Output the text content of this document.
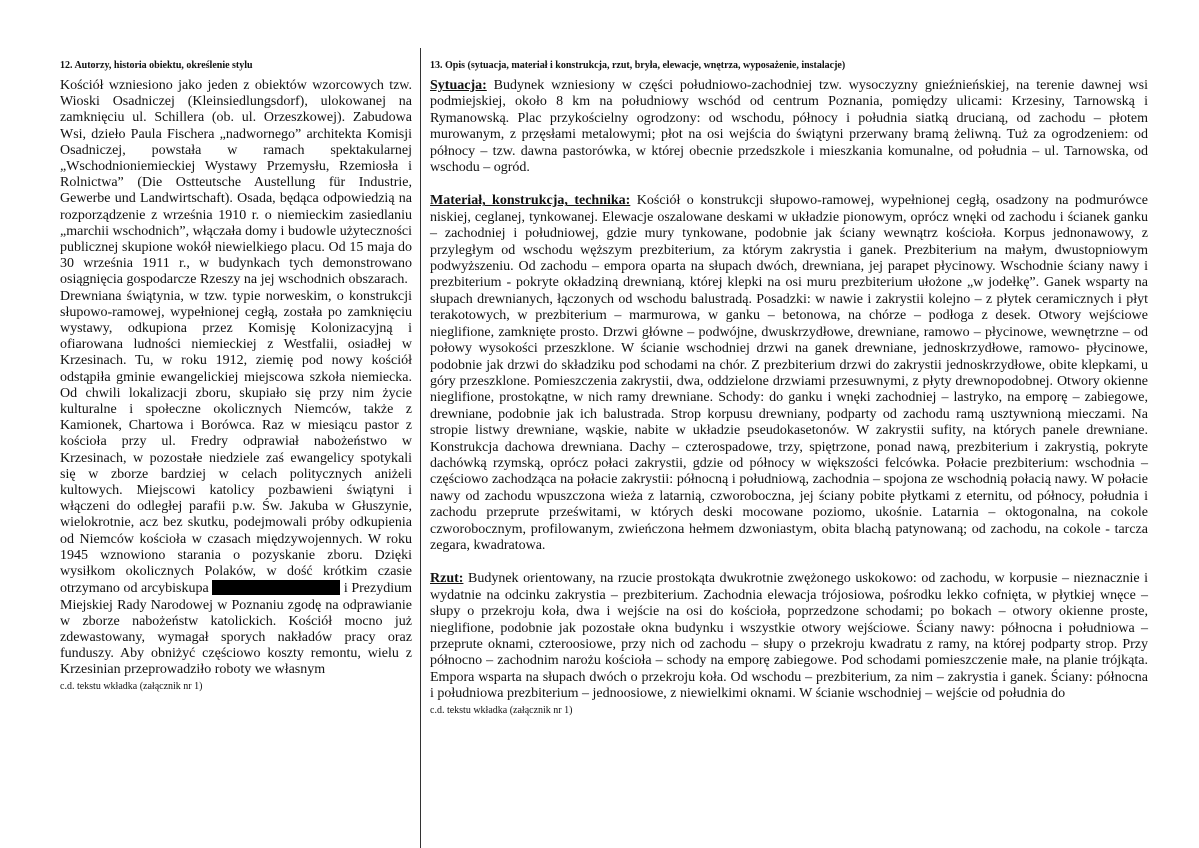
12. Autorzy, historia obiektu, określenie stylu

Kościół wzniesiono jako jeden z obiektów wzorcowych tzw. Wioski Osadniczej (Kleinsiedlungsdorf), ulokowanej na zamknięciu ul. Schillera (ob. ul. Orzeszkowej). Zabudowa Wsi, dzieło Paula Fischera „nadwornego” architekta Komisji Osadniczej, powstała w ramach spektakularnej „Wschodnioniemieckiej Wystawy Przemysłu, Rzemiosła i Rolnictwa” (Die Ostteutsche Austellung für Industrie, Gewerbe und Landwirtschaft). Osada, będąca odpowiedzią na rozporządzenie z września 1910 r. o niemieckim zasiedlaniu „marchii wschodnich”, włączała domy i budowle użyteczności publicznej skupione wokół niewielkiego placu. Od 15 maja do 30 września 1911 r., w budynkach tych demonstrowano osiągnięcia gospodarcze Rzeszy na jej wschodnich obszarach.

Drewniana świątynia, w tzw. typie norweskim, o konstrukcji słupowo-ramowej, wypełnionej cegłą, została po zamknięciu wystawy, odkupiona przez Komisję Kolonizacyjną i ofiarowana ludności niemieckiej z Westfalii, osiadłej w Krzesinach. Tu, w roku 1912, ziemię pod nowy kościół odstąpiła gminie ewangelickiej miejscowa szkoła niemiecka. Od chwili lokalizacji zboru, skupiało się przy nim życie kulturalne i społeczne okolicznych Niemców, także z Kamionek, Chartowa i Borówca. Raz w miesiącu pastor z kościoła przy ul. Fredry odprawiał nabożeństwo w Krzesinach, w pozostałe niedziele zaś ewangelicy spotykali się w zborze bardziej w celach politycznych aniżeli kultowych. Miejscowi katolicy pozbawieni świątyni i włączeni do odległej parafii p.w. Św. Jakuba w Głuszynie, wielokrotnie, acz bez skutku, podejmowali próby odkupienia od Niemców kościoła w czasach międzywojennych. W roku 1945 wznowiono starania o pozyskanie zboru. Dzięki wysiłkom okolicznych Polaków, w dość krótkim czasie otrzymano od arcybiskupa	i Prezydium Miejskiej Rady Narodowej w Poznaniu zgodę na odprawianie w zborze nabożeństw katolickich. Kościół mocno już zdewastowany, wymagał sporych nakładów pracy oraz funduszy. Aby obniżyć częściowo koszty remontu, wielu z Krzesinian przeprowadziło roboty we własnym

c.d. tekstu wkładka (załącznik nr 1)

13. Opis (sytuacja, materiał i konstrukcja, rzut, bryła, elewacje, wnętrza, wyposażenie, instalacje)

Sytuacja: Budynek wzniesiony w części południowo-zachodniej tzw. wysoczyzny gnieźnieńskiej, na terenie dawnej wsi podmiejskiej, około 8 km na południowy wschód od centrum Poznania, pomiędzy ulicami: Krzesiny, Tarnowską i Rymanowską. Plac przykościelny ogrodzony: od wschodu, północy i południa siatką drucianą, od zachodu – płotem murowanym, z przęsłami metalowymi; płot na osi wejścia do świątyni przerwany bramą żeliwną. Tuż za ogrodzeniem: od północy – tzw. dawna pastorówka, w której obecnie przedszkole i mieszkania komunalne, od południa – ul. Tarnowska, od wschodu – ogród.

Materiał, konstrukcja, technika: Kościół o konstrukcji słupowo-ramowej, wypełnionej cegłą, osadzony na podmurówce niskiej, ceglanej, tynkowanej. Elewacje oszalowane deskami w układzie pionowym, oprócz wnęki od zachodu i ścianek ganku – zachodniej i południowej, gdzie mury tynkowane, podobnie jak ściany wewnątrz kościoła. Korpus jednonawowy, z przyległym od wschodu węższym prezbiterium, za którym zakrystia i ganek. Prezbiterium na małym, dwustopniowym podwyższeniu. Od zachodu – empora oparta na słupach dwóch, drewniana, jej parapet płycinowy. Wschodnie ściany nawy i prezbiterium - pokryte okładziną drewnianą, której klepki na osi muru prezbiterium ułożone „w jodełkę”. Ganek wsparty na słupach drewnianych, łączonych od wschodu balustradą. Posadzki: w nawie i zakrystii kolejno – z płytek ceramicznych i płyt terakotowych, w prezbiterium – marmurowa, w ganku – betonowa, na chórze – podłoga z desek. Otwory wejściowe nieglifione, zamknięte prosto. Drzwi główne – podwójne, dwuskrzydłowe, drewniane, ramowo – płycinowe, wewnętrzne – od połowy wysokości przeszklone. W ścianie wschodniej drzwi na ganek drewniane, jednoskrzydłowe, ramowo- płycinowe, podobnie jak drzwi do składziku pod schodami na chór. Z prezbiterium drzwi do zakrystii jednoskrzydłowe, obite klepkami, u góry przeszklone. Pomieszczenia zakrystii, dwa, oddzielone drzwiami przesuwnymi, z płyty drewnopodobnej. Otwory okienne nieglifione, prostokątne, w nich ramy drewniane. Schody: do ganku i wnęki zachodniej – lastryko, na emporę – zabiegowe, drewniane, podobnie jak ich balustrada. Strop korpusu drewniany, podparty od zachodu ramą usztywnioną mieczami. Na stropie listwy drewniane, wąskie, nabite w układzie pseudokasetonów. W zakrystii sufity, na których panele drewniane. Konstrukcja dachowa drewniana. Dachy – czterospadowe, trzy, spiętrzone, ponad nawą, prezbiterium i zakrystią, pokryte dachówką rzymską, oprócz połaci zakrystii, gdzie od północy w większości felcówka. Połacie prezbiterium: wschodnia – częściowo zachodząca na połacie zakrystii: północną i południową, zachodnia – spojona ze wschodnią połacią nawy. W połacie nawy od zachodu wpuszczona wieża z latarnią, czworoboczna, jej ściany pobite płytkami z eternitu, od północy, południa i zachodu przeprute prześwitami, w których deski mocowane poziomo, ukośnie. Latarnia – oktogonalna, na cokole czworobocznym, profilowanym, zwieńczona hełmem dzwoniastym, obita blachą patynowaną; od zachodu, na cokole - tarcza zegara, kwadratowa.

Rzut: Budynek orientowany, na rzucie prostokąta dwukrotnie zwężonego uskokowo: od zachodu, w korpusie – nieznacznie i wydatnie na odcinku zakrystia – prezbiterium. Zachodnia elewacja trójosiowa, pośrodku lekko cofnięta, w płytkiej wnęce – słupy o przekroju koła, dwa i wejście na osi do kościoła, poprzedzone schodami; po bokach – otwory okienne proste, nieglifione, podobnie jak pozostałe okna budynku i wszystkie otwory wejściowe. Ściany nawy: północna i południowa – przeprute oknami, czteroosiowe, przy nich od zachodu – słupy o przekroju kwadratu z ramy, na której podparty strop. Przy północno – zachodnim narożu kościoła – schody na emporę zabiegowe. Pod schodami pomieszczenie małe, na planie trójkąta. Empora wsparta na słupach dwóch o przekroju koła. Od wschodu – prezbiterium, za nim – zakrystia i ganek. Ściany: północna i południowa prezbiterium – jednoosiowe, z niewielkimi oknami. W ścianie wschodniej – wejście od południa do

c.d. tekstu wkładka (załącznik nr 1)
